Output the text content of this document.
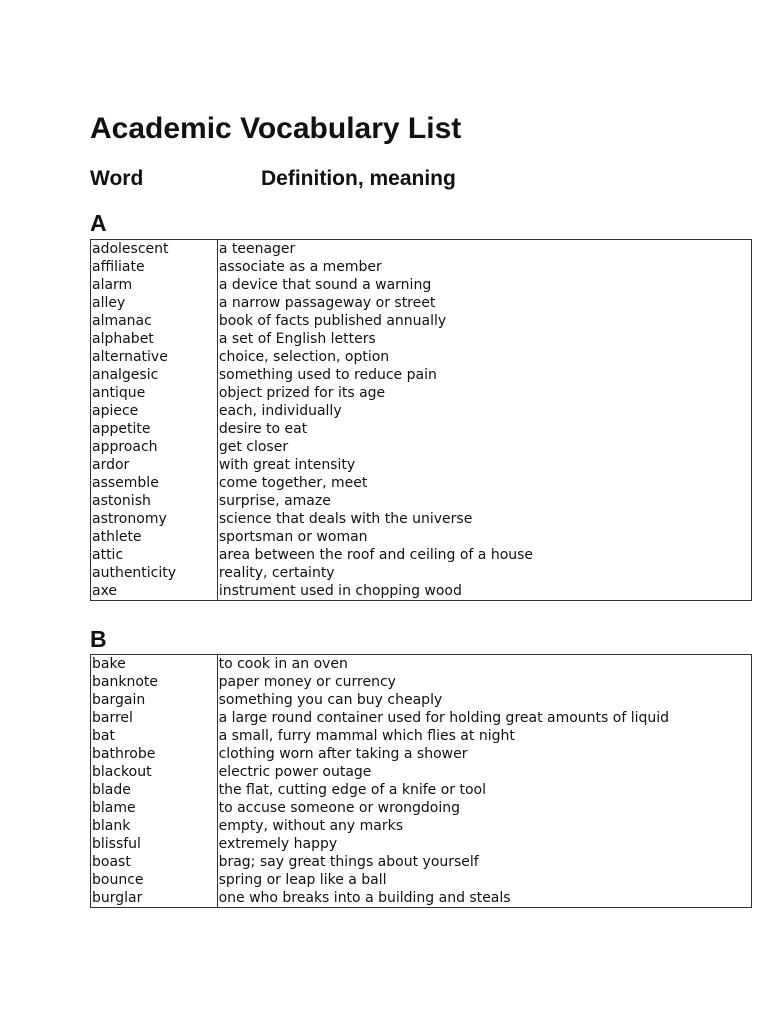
Academic Vocabulary List
Word	Definition, meaning
A
adolescent	a teenager
affiliate	associate as a member
alarm	a device that sound a warning
alley	a narrow passageway or street
almanac	book of facts published annually
alphabet	a set of English letters
alternative	choice, selection, option
analgesic	something used to reduce pain
antique	object prized for its age
apiece	each, individually
appetite	desire to eat
approach	get closer
ardor	with great intensity
assemble	come together, meet
astonish	surprise, amaze
astronomy	science that deals with the universe
athlete	sportsman or woman
attic	area between the roof and ceiling of a house
authenticity	reality, certainty
axe	instrument used in chopping wood
B
bake	to cook in an oven
banknote	paper money or currency
bargain	something you can buy cheaply
barrel	a large round container used for holding great amounts of liquid
bat	a small, furry mammal which flies at night
bathrobe	clothing worn after taking a shower
blackout	electric power outage
blade	the flat, cutting edge of a knife or tool
blame	to accuse someone or wrongdoing
blank	empty, without any marks
blissful	extremely happy
boast	brag; say great things about yourself
bounce	spring or leap like a ball
burglar	one who breaks into a building and steals
